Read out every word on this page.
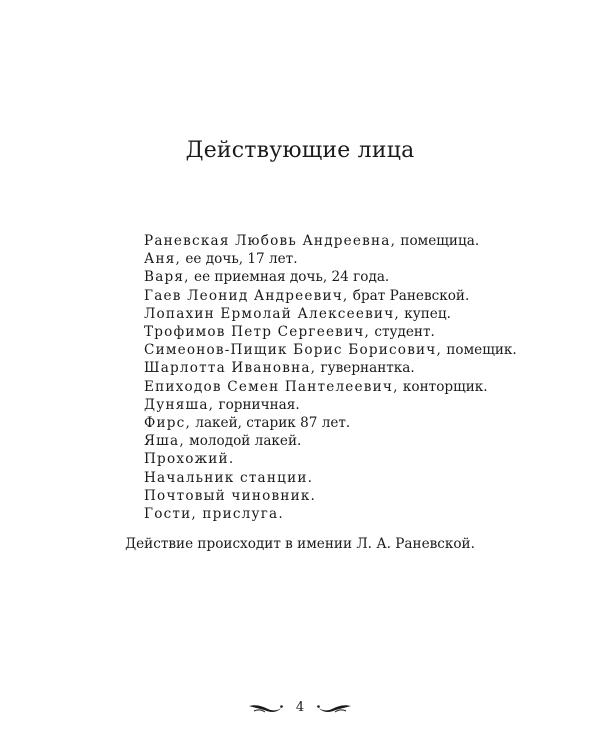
Действующие лица
Раневская Любовь Андреевна, помещица.
Аня, ее дочь, 17 лет.
Варя, ее приемная дочь, 24 года.
Гаев Леонид Андреевич, брат Раневской.
Лопахин Ермолай Алексеевич, купец.
Трофимов Петр Сергеевич, студент.
Симеонов-Пищик Борис Борисович, помещик.
Шарлотта Ивановна, гувернантка.
Епиходов Семен Пантелеевич, конторщик.
Дуняша, горничная.
Фирс, лакей, старик 87 лет.
Яша, молодой лакей.
Прохожий.
Начальник станции.
Почтовый чиновник.
Гости, прислуга.

Действие происходит в имении Л. А. Раневской.

4
